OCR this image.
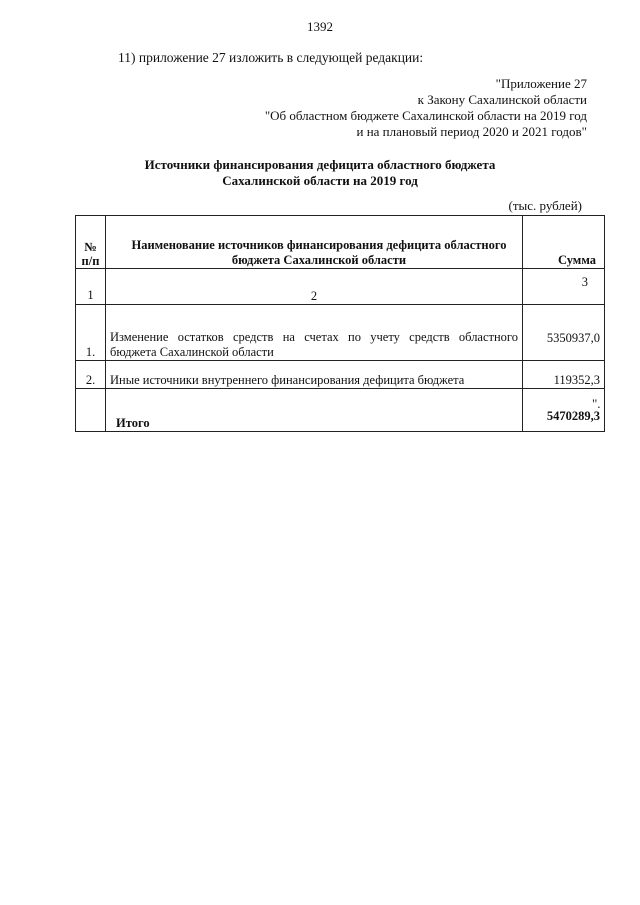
1392
11) приложение 27 изложить в следующей редакции:
"Приложение 27
к Закону Сахалинской области
"Об областном бюджете Сахалинской области на 2019 год
и на плановый период 2020 и 2021 годов"
Источники финансирования дефицита областного бюджета
Сахалинской области на 2019 год
(тыс. рублей)
№ п/п	Наименование источников финансирования дефицита областного бюджета Сахалинской области	Сумма
1	2	3
1.	Изменение остатков средств на счетах по учету средств областного бюджета Сахалинской области	5350937,0
2.	Иные источники внутреннего финансирования дефицита бюджета	119352,3
	Итого	5470289,3
".
